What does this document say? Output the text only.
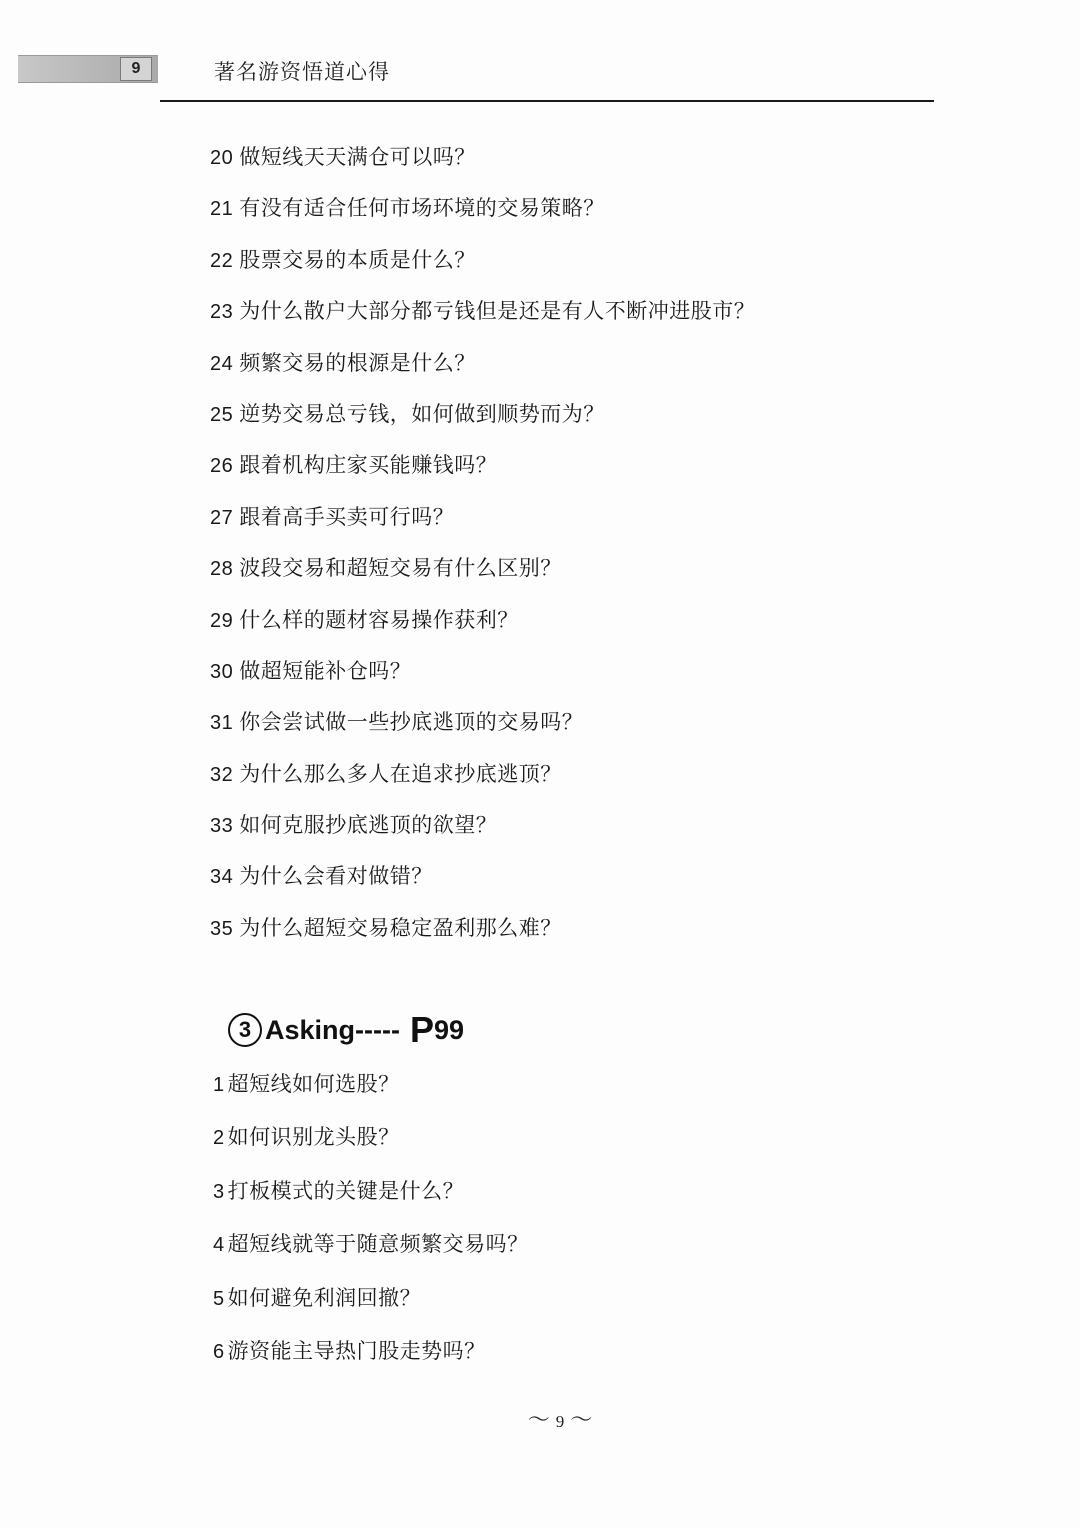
9	著名游资悟道心得
20 做短线天天满仓可以吗？
21 有没有适合任何市场环境的交易策略？
22 股票交易的本质是什么？
23 为什么散户大部分都亏钱但是还是有人不断冲进股市？
24 频繁交易的根源是什么？
25 逆势交易总亏钱，如何做到顺势而为？
26 跟着机构庄家买能赚钱吗？
27 跟着高手买卖可行吗？
28 波段交易和超短交易有什么区别？
29 什么样的题材容易操作获利？
30 做超短能补仓吗？
31 你会尝试做一些抄底逃顶的交易吗？
32 为什么那么多人在追求抄底逃顶？
33 如何克服抄底逃顶的欲望？
34 为什么会看对做错？
35 为什么超短交易稳定盈利那么难？
3 Asking----- P 99
1 超短线如何选股？
2 如何识别龙头股？
3 打板模式的关键是什么？
4 超短线就等于随意频繁交易吗？
5 如何避免利润回撤？
6 游资能主导热门股走势吗？
～ 9 ～
